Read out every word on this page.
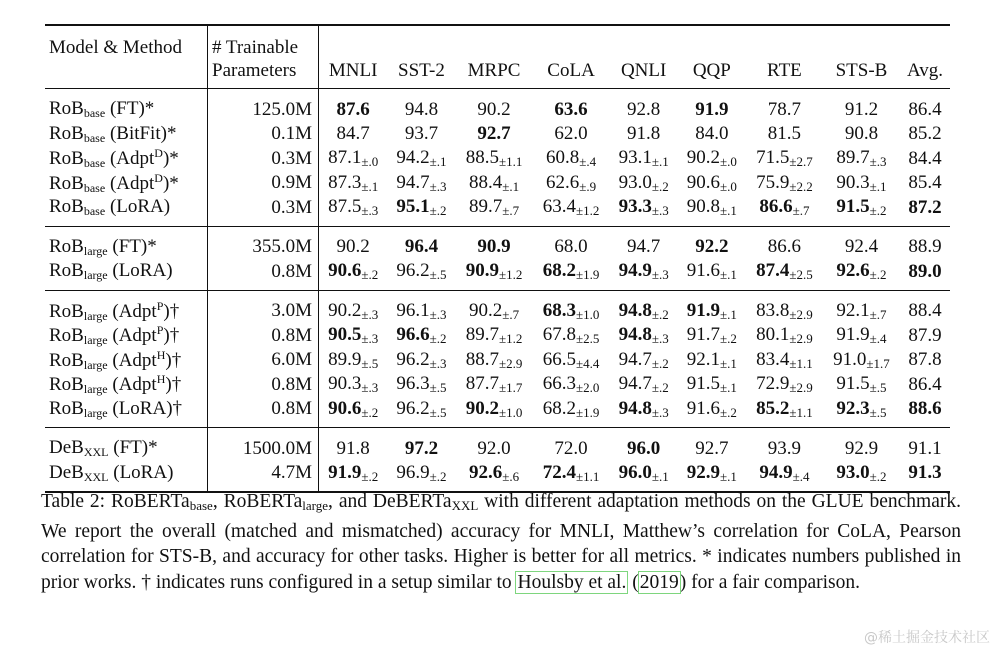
Model & Method	# Trainable									
	Parameters	MNLI	SST-2	MRPC	CoLA	QNLI	QQP	RTE	STS-B	Avg.
RoB$_{base}$ (FT)*	125.0M	87.6	94.8	90.2	63.6	92.8	91.9	78.7	91.2	86.4
RoB$_{base}$ (BitFit)*	0.1M	84.7	93.7	92.7	62.0	91.8	84.0	81.5	90.8	85.2
RoB$_{base}$ (Adpt$^D$)*	0.3M	87.1±.0	94.2±.1	88.5±1.1	60.8±.4	93.1±.1	90.2±.0	71.5±2.7	89.7±.3	84.4
RoB$_{base}$ (Adpt$^D$)*	0.9M	87.3±.1	94.7±.3	88.4±.1	62.6±.9	93.0±.2	90.6±.0	75.9±2.2	90.3±.1	85.4
RoB$_{base}$ (LoRA)	0.3M	87.5±.3	95.1±.2	89.7±.7	63.4±1.2	93.3±.3	90.8±.1	86.6±.7	91.5±.2	87.2
RoB$_{large}$ (FT)*	355.0M	90.2	96.4	90.9	68.0	94.7	92.2	86.6	92.4	88.9
RoB$_{large}$ (LoRA)	0.8M	90.6±.2	96.2±.5	90.9±1.2	68.2±1.9	94.9±.3	91.6±.1	87.4±2.5	92.6±.2	89.0
RoB$_{large}$ (Adpt$^P$)†	3.0M	90.2±.3	96.1±.3	90.2±.7	68.3±1.0	94.8±.2	91.9±.1	83.8±2.9	92.1±.7	88.4
RoB$_{large}$ (Adpt$^P$)†	0.8M	90.5±.3	96.6±.2	89.7±1.2	67.8±2.5	94.8±.3	91.7±.2	80.1±2.9	91.9±.4	87.9
RoB$_{large}$ (Adpt$^H$)†	6.0M	89.9±.5	96.2±.3	88.7±2.9	66.5±4.4	94.7±.2	92.1±.1	83.4±1.1	91.0±1.7	87.8
RoB$_{large}$ (Adpt$^H$)†	0.8M	90.3±.3	96.3±.5	87.7±1.7	66.3±2.0	94.7±.2	91.5±.1	72.9±2.9	91.5±.5	86.4
RoB$_{large}$ (LoRA)†	0.8M	90.6±.2	96.2±.5	90.2±1.0	68.2±1.9	94.8±.3	91.6±.2	85.2±1.1	92.3±.5	88.6
DeB$_{XXL}$ (FT)*	1500.0M	91.8	97.2	92.0	72.0	96.0	92.7	93.9	92.9	91.1
DeB$_{XXL}$ (LoRA)	4.7M	91.9±.2	96.9±.2	92.6±.6	72.4±1.1	96.0±.1	92.9±.1	94.9±.4	93.0±.2	91.3
Table 2: RoBERTa$_{base}$, RoBERTa$_{large}$, and DeBERTa$_{XXL}$ with different adaptation methods on the GLUE benchmark. We report the overall (matched and mismatched) accuracy for MNLI, Matthew’s correlation for CoLA, Pearson correlation for STS-B, and accuracy for other tasks. Higher is better for all metrics. * indicates numbers published in prior works. † indicates runs configured in a setup similar to Houlsby et al. (2019) for a fair comparison.
@稀土掘金技术社区
